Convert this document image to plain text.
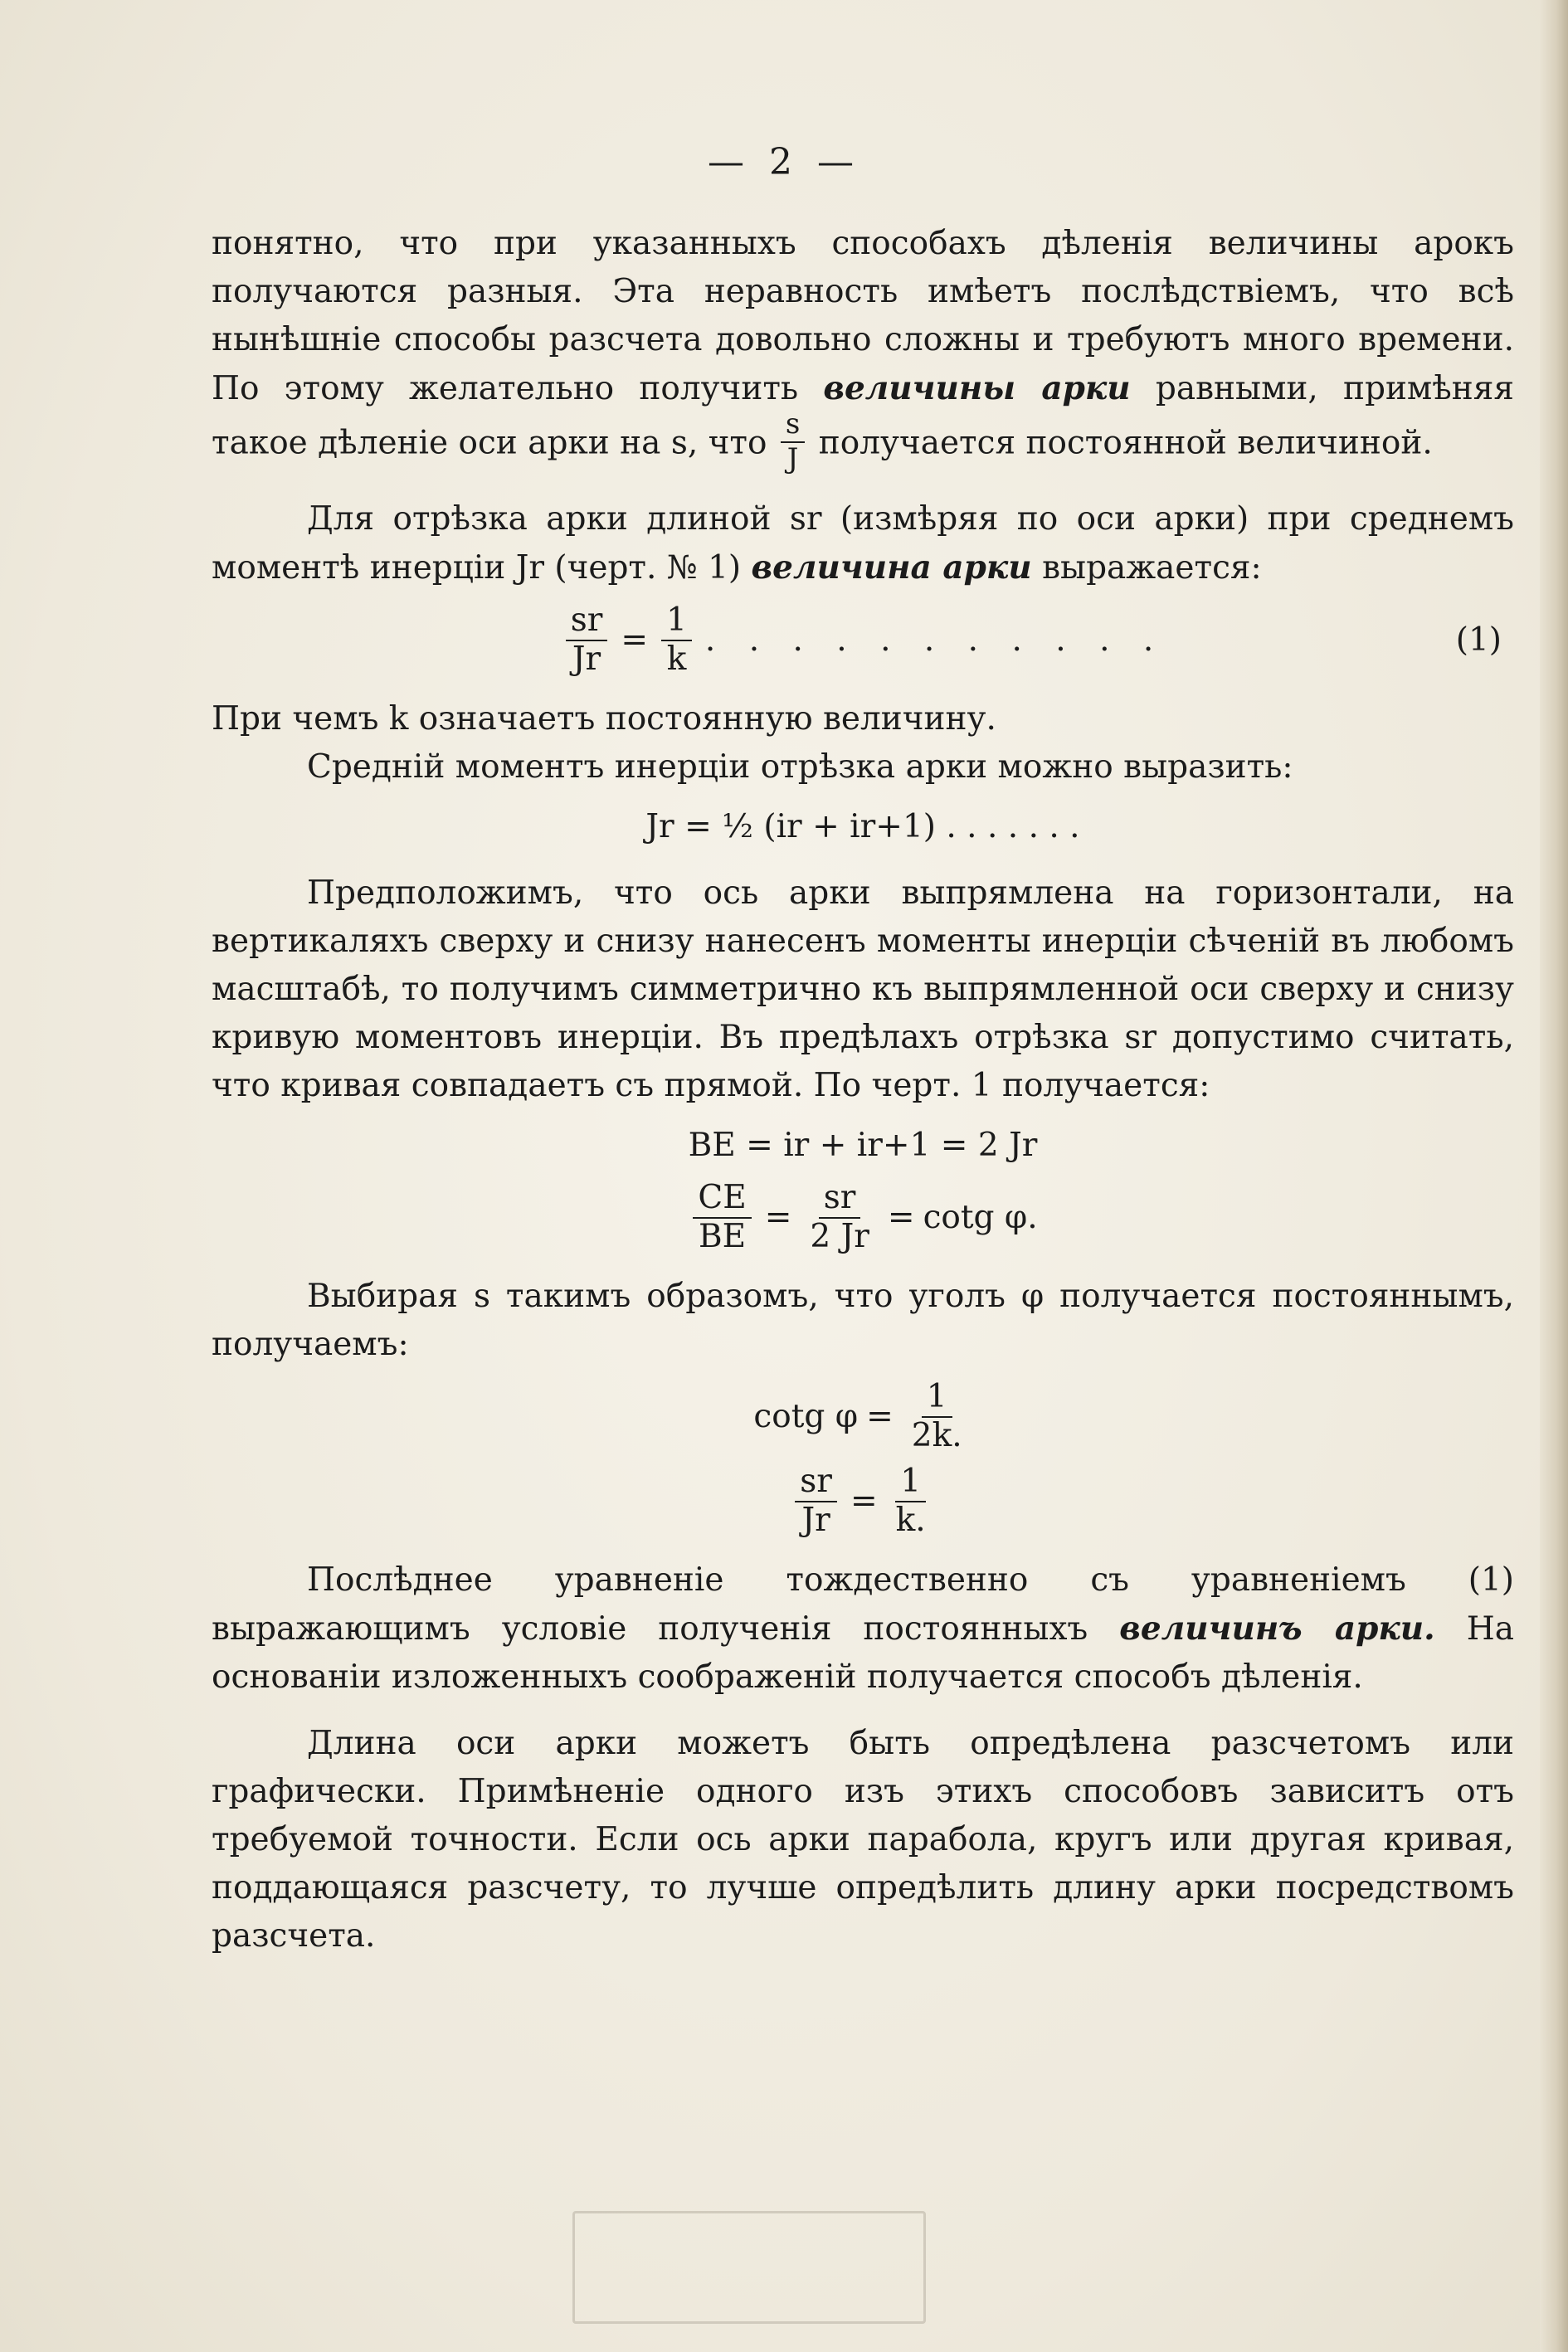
— 2 —

понятно, что при указанныхъ способахъ дѣленія величины арокъ получаются разныя. Эта неравность имѣетъ послѣдствіемъ, что всѣ нынѣшніе способы разсчета довольно сложны и требуютъ много времени. По этому желательно получить величины арки равными, примѣняя такое дѣленіе оси арки на s, что $\frac{s}{J}$ получается постоянной величиной.

Для отрѣзка арки длиной sr (измѣряя по оси арки) при среднемъ моментѣ инерціи Jr (черт. № 1) величина арки выражается:

$\frac{sr}{Jr} = \frac{1}{k}$ . . . . . . . . . . .	(1)

При чемъ k означаетъ постоянную величину.

Среднiй моментъ инерціи отрѣзка арки можно выразить:

Jr = ½ (ir + ir+1) . . . . . . .

Предположимъ, что ось арки выпрямлена на горизонтали, на вертикаляхъ сверху и снизу нанесенъ моменты инерціи сѣченій въ любомъ масштабѣ, то получимъ симметрично къ выпрямленной оси сверху и снизу кривую моментовъ инерціи. Въ предѣлахъ отрѣзка sr допустимо считать, что кривая совпадаетъ съ прямой. По черт. 1 получается:

BE = ir + ir+1 = 2 Jr
$\frac{CE}{BE} = \frac{sr}{2 Jr} = \cot g$ φ.

Выбирая s такимъ образомъ, что уголъ φ получается постояннымъ, получаемъ:

cotg $\varphi = \frac{1}{2k.}$
$\frac{sr}{Jr} = \frac{1}{k.}$

Послѣднее уравненіе тождественно съ уравненіемъ (1) выражающимъ условіе полученія постоянныхъ величинъ арки. На основаніи изложенныхъ соображеній получается способъ дѣленія.

Длина оси арки можетъ быть опредѣлена разсчетомъ или графически. Примѣненіе одного изъ этихъ способовъ зависитъ отъ требуемой точности. Если ось арки парабола, кругъ или другая кривая, поддающаяся разсчету, то лучше опредѣлить длину арки посредствомъ разсчета.
